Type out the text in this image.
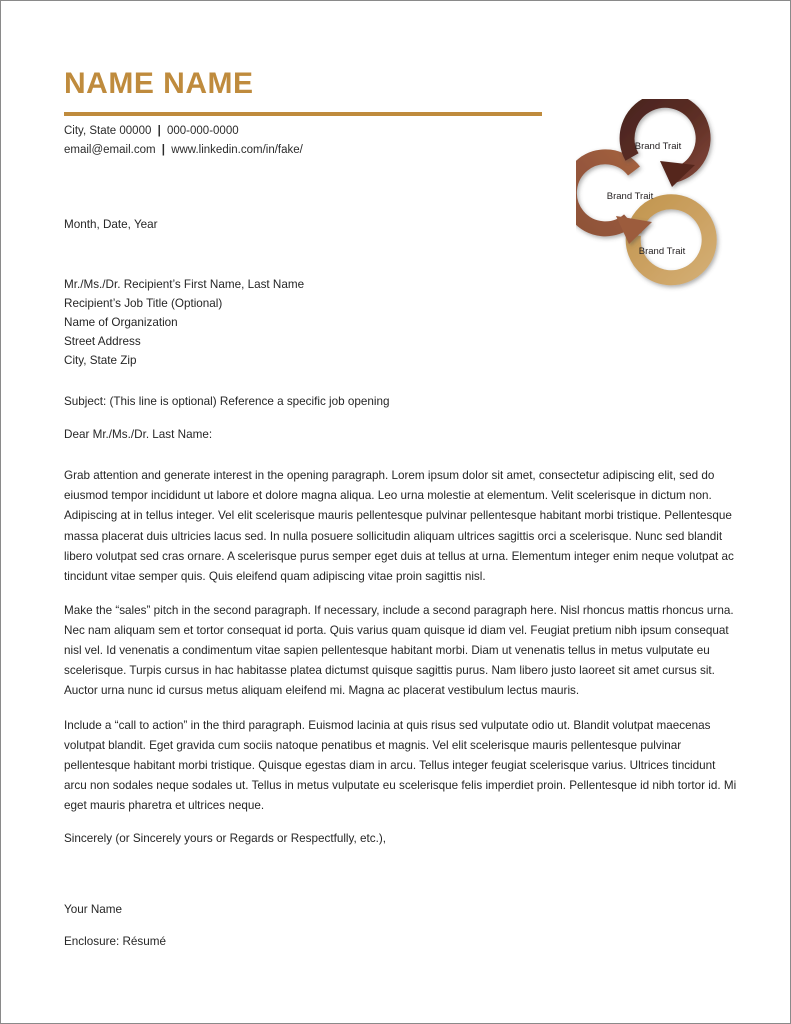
NAME NAME
City, State 00000 | 000-000-0000
email@email.com | www.linkedin.com/in/fake/	Brand Trait
Brand Trait
Brand Trait
Month, Date, Year
Mr./Ms./Dr. Recipient’s First Name, Last Name
Recipient’s Job Title (Optional)
Name of Organization
Street Address
City, State Zip
Subject: (This line is optional) Reference a specific job opening
Dear Mr./Ms./Dr. Last Name:

Grab attention and generate interest in the opening paragraph. Lorem ipsum dolor sit amet, consectetur adipiscing elit, sed do eiusmod tempor incididunt ut labore et dolore magna aliqua. Leo urna molestie at elementum. Velit scelerisque in dictum non. Adipiscing at in tellus integer. Vel elit scelerisque mauris pellentesque pulvinar pellentesque habitant morbi tristique. Pellentesque massa placerat duis ultricies lacus sed. In nulla posuere sollicitudin aliquam ultrices sagittis orci a scelerisque. Nunc sed blandit libero volutpat sed cras ornare. A scelerisque purus semper eget duis at tellus at urna. Elementum integer enim neque volutpat ac tincidunt vitae semper quis. Quis eleifend quam adipiscing vitae proin sagittis nisl.

Make the “sales” pitch in the second paragraph. If necessary, include a second paragraph here. Nisl rhoncus mattis rhoncus urna. Nec nam aliquam sem et tortor consequat id porta. Quis varius quam quisque id diam vel. Feugiat pretium nibh ipsum consequat nisl vel. Id venenatis a condimentum vitae sapien pellentesque habitant morbi. Diam ut venenatis tellus in metus vulputate eu scelerisque. Turpis cursus in hac habitasse platea dictumst quisque sagittis purus. Nam libero justo laoreet sit amet cursus sit. Auctor urna nunc id cursus metus aliquam eleifend mi. Magna ac placerat vestibulum lectus mauris.

Include a “call to action” in the third paragraph. Euismod lacinia at quis risus sed vulputate odio ut. Blandit volutpat maecenas volutpat blandit. Eget gravida cum sociis natoque penatibus et magnis. Vel elit scelerisque mauris pellentesque pulvinar pellentesque habitant morbi tristique. Quisque egestas diam in arcu. Tellus integer feugiat scelerisque varius. Ultrices tincidunt arcu non sodales neque sodales ut. Tellus in metus vulputate eu scelerisque felis imperdiet proin. Pellentesque id nibh tortor id. Mi eget mauris pharetra et ultrices neque.

Sincerely (or Sincerely yours or Regards or Respectfully, etc.),
Your Name
Enclosure: Résumé
